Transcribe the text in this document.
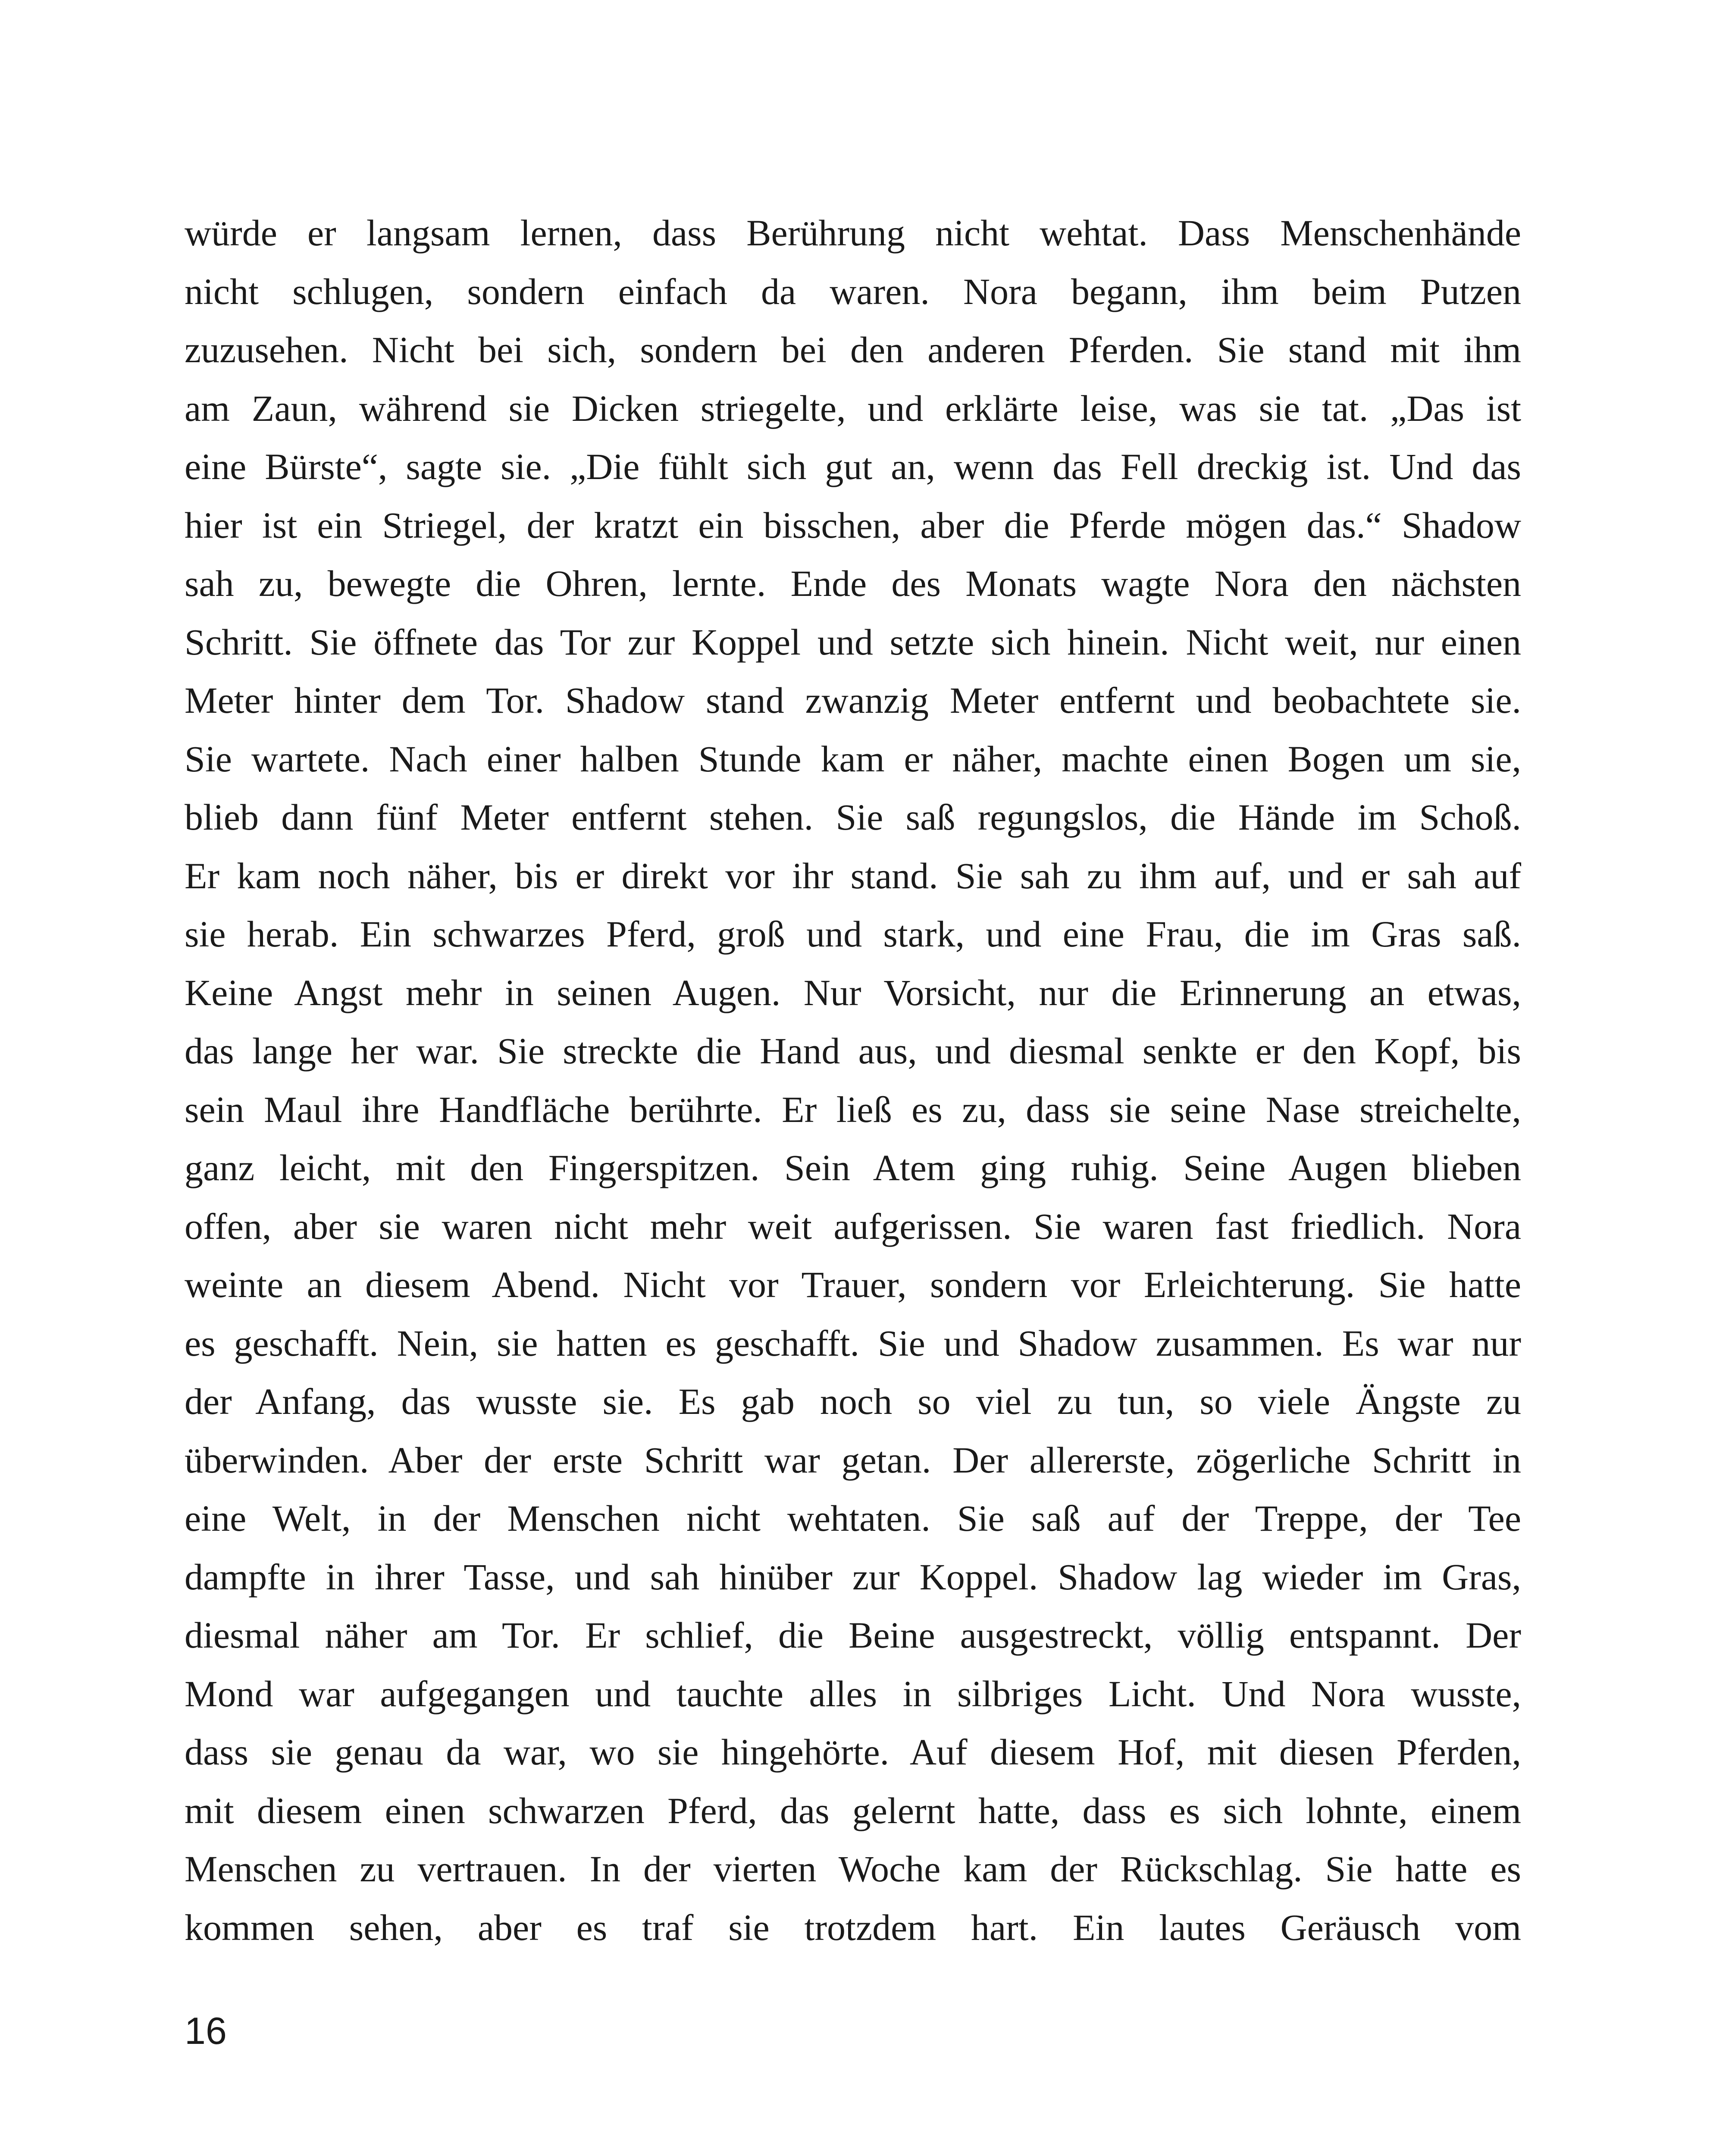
würde er langsam lernen, dass Berührung nicht wehtat. Dass Menschenhände
nicht schlugen, sondern einfach da waren. Nora begann, ihm beim Putzen
zuzusehen. Nicht bei sich, sondern bei den anderen Pferden. Sie stand mit ihm
am Zaun, während sie Dicken striegelte, und erklärte leise, was sie tat. „Das ist
eine Bürste“, sagte sie. „Die fühlt sich gut an, wenn das Fell dreckig ist. Und das
hier ist ein Striegel, der kratzt ein bisschen, aber die Pferde mögen das.“ Shadow
sah zu, bewegte die Ohren, lernte. Ende des Monats wagte Nora den nächsten
Schritt. Sie öffnete das Tor zur Koppel und setzte sich hinein. Nicht weit, nur einen
Meter hinter dem Tor. Shadow stand zwanzig Meter entfernt und beobachtete sie.
Sie wartete. Nach einer halben Stunde kam er näher, machte einen Bogen um sie,
blieb dann fünf Meter entfernt stehen. Sie saß regungslos, die Hände im Schoß.
Er kam noch näher, bis er direkt vor ihr stand. Sie sah zu ihm auf, und er sah auf
sie herab. Ein schwarzes Pferd, groß und stark, und eine Frau, die im Gras saß.
Keine Angst mehr in seinen Augen. Nur Vorsicht, nur die Erinnerung an etwas,
das lange her war. Sie streckte die Hand aus, und diesmal senkte er den Kopf, bis
sein Maul ihre Handfläche berührte. Er ließ es zu, dass sie seine Nase streichelte,
ganz leicht, mit den Fingerspitzen. Sein Atem ging ruhig. Seine Augen blieben
offen, aber sie waren nicht mehr weit aufgerissen. Sie waren fast friedlich. Nora
weinte an diesem Abend. Nicht vor Trauer, sondern vor Erleichterung. Sie hatte
es geschafft. Nein, sie hatten es geschafft. Sie und Shadow zusammen. Es war nur
der Anfang, das wusste sie. Es gab noch so viel zu tun, so viele Ängste zu
überwinden. Aber der erste Schritt war getan. Der allererste, zögerliche Schritt in
eine Welt, in der Menschen nicht wehtaten. Sie saß auf der Treppe, der Tee
dampfte in ihrer Tasse, und sah hinüber zur Koppel. Shadow lag wieder im Gras,
diesmal näher am Tor. Er schlief, die Beine ausgestreckt, völlig entspannt. Der
Mond war aufgegangen und tauchte alles in silbriges Licht. Und Nora wusste,
dass sie genau da war, wo sie hingehörte. Auf diesem Hof, mit diesen Pferden,
mit diesem einen schwarzen Pferd, das gelernt hatte, dass es sich lohnte, einem
Menschen zu vertrauen. In der vierten Woche kam der Rückschlag. Sie hatte es
kommen sehen, aber es traf sie trotzdem hart. Ein lautes Geräusch vom
16
